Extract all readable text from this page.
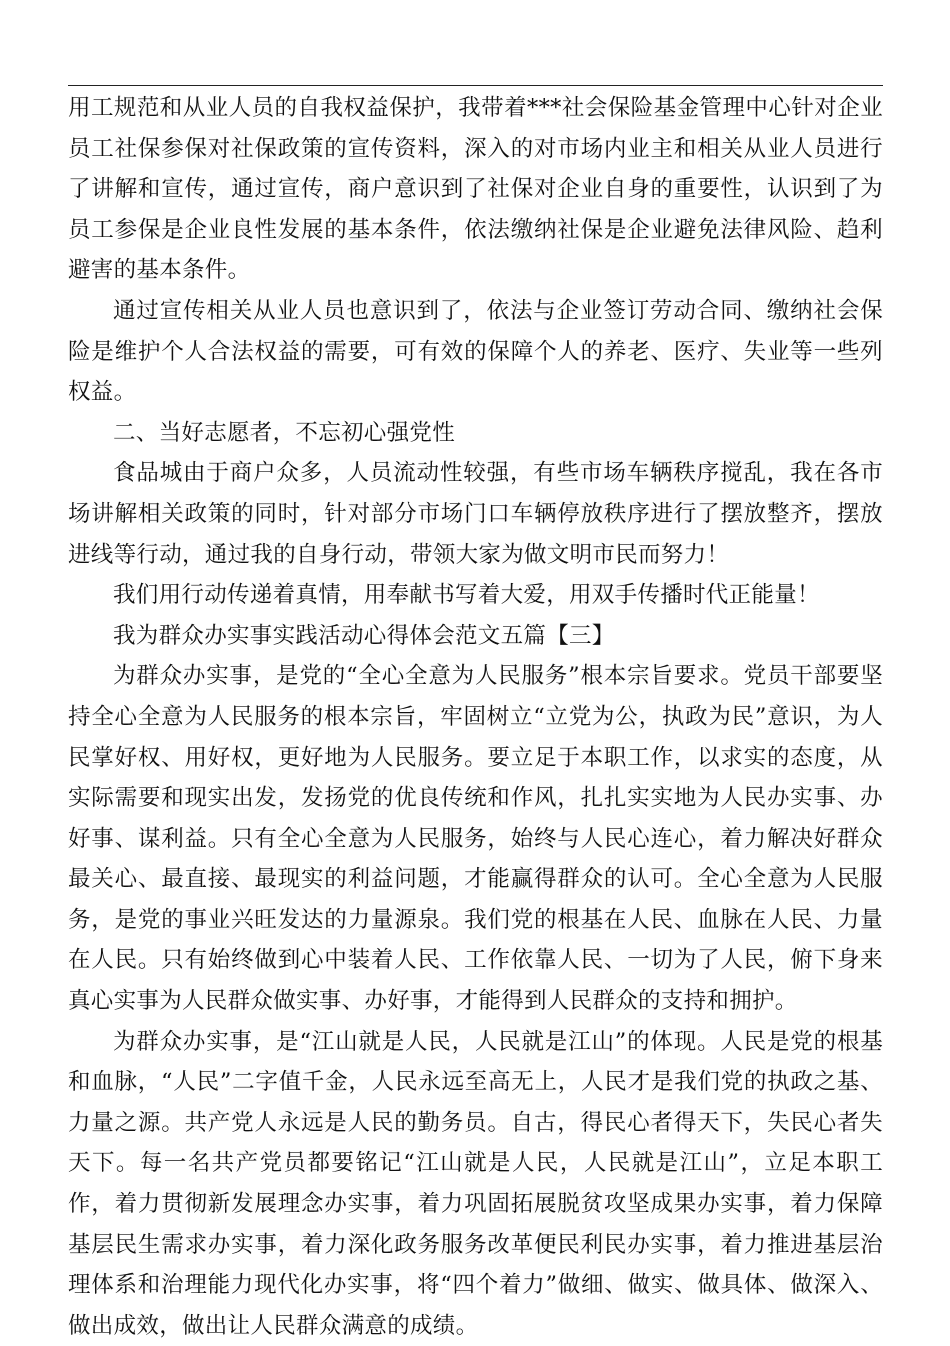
用工规范和从业人员的自我权益保护，我带着***社会保险基金管理中心针对企业员工社保参保对社保政策的宣传资料，深入的对市场内业主和相关从业人员进行了讲解和宣传，通过宣传，商户意识到了社保对企业自身的重要性，认识到了为员工参保是企业良性发展的基本条件，依法缴纳社保是企业避免法律风险、趋利避害的基本条件。

通过宣传相关从业人员也意识到了，依法与企业签订劳动合同、缴纳社会保险是维护个人合法权益的需要，可有效的保障个人的养老、医疗、失业等一些列权益。

二、当好志愿者，不忘初心强党性

食品城由于商户众多，人员流动性较强，有些市场车辆秩序搅乱，我在各市场讲解相关政策的同时，针对部分市场门口车辆停放秩序进行了摆放整齐，摆放进线等行动，通过我的自身行动，带领大家为做文明市民而努力！

我们用行动传递着真情，用奉献书写着大爱，用双手传播时代正能量！

我为群众办实事实践活动心得体会范文五篇【三】

为群众办实事，是党的“全心全意为人民服务”根本宗旨要求。党员干部要坚持全心全意为人民服务的根本宗旨，牢固树立“立党为公，执政为民”意识，为人民掌好权、用好权，更好地为人民服务。要立足于本职工作，以求实的态度，从实际需要和现实出发，发扬党的优良传统和作风，扎扎实实地为人民办实事、办好事、谋利益。只有全心全意为人民服务，始终与人民心连心，着力解决好群众最关心、最直接、最现实的利益问题，才能赢得群众的认可。全心全意为人民服务，是党的事业兴旺发达的力量源泉。我们党的根基在人民、血脉在人民、力量在人民。只有始终做到心中装着人民、工作依靠人民、一切为了人民，俯下身来真心实事为人民群众做实事、办好事，才能得到人民群众的支持和拥护。

为群众办实事，是“江山就是人民，人民就是江山”的体现。人民是党的根基和血脉，“人民”二字值千金，人民永远至高无上，人民才是我们党的执政之基、力量之源。共产党人永远是人民的勤务员。自古，得民心者得天下，失民心者失天下。每一名共产党员都要铭记“江山就是人民，人民就是江山”，立足本职工作，着力贯彻新发展理念办实事，着力巩固拓展脱贫攻坚成果办实事，着力保障基层民生需求办实事，着力深化政务服务改革便民利民办实事，着力推进基层治理体系和治理能力现代化办实事，将“四个着力”做细、做实、做具体、做深入、做出成效，做出让人民群众满意的成绩。
